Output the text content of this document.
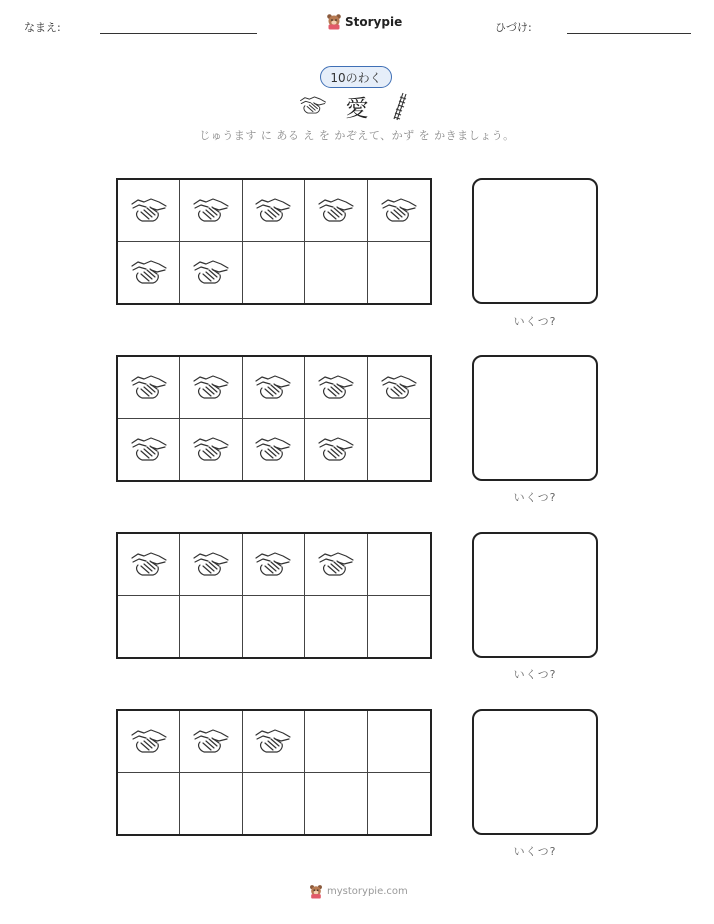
なまえ:	Storypie	ひづけ:
10のわく
愛
じゅうます に ある え を かぞえて、かず を かきましょう。
いくつ?
いくつ?
いくつ?
いくつ?
mystorypie.com
